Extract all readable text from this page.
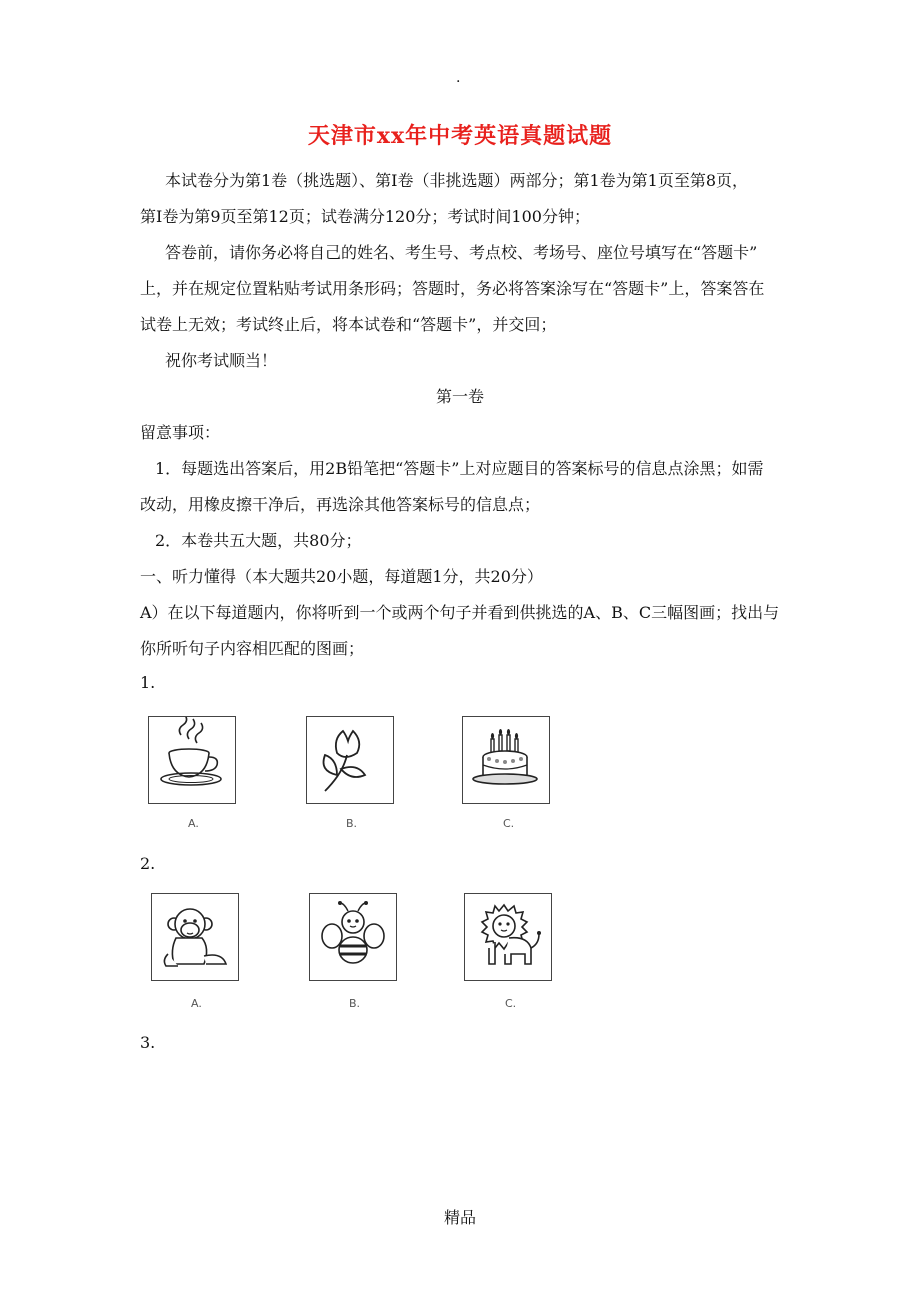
.
天津市xx年中考英语真题试题
本试卷分为第1卷（挑选题）、第Ⅰ卷（非挑选题）两部分；第1卷为第1页至第8页，
第Ⅰ卷为第9页至第12页；试卷满分120分；考试时间100分钟；
答卷前，请你务必将自己的姓名、考生号、考点校、考场号、座位号填写在“答题卡”
上，并在规定位置粘贴考试用条形码；答题时，务必将答案涂写在“答题卡”上，答案答在
试卷上无效；考试终止后，将本试卷和“答题卡”，并交回；
祝你考试顺当！
第一卷
留意事项：
1．每题选出答案后，用2B铅笔把“答题卡”上对应题目的答案标号的信息点涂黑；如需
改动，用橡皮擦干净后，再选涂其他答案标号的信息点；
2．本卷共五大题，共80分；
一、听力懂得（本大题共20小题，每道题1分，共20分）
A）在以下每道题内，你将听到一个或两个句子并看到供挑选的A、B、C三幅图画；找出与
你所听句子内容相匹配的图画；
1.
A.	B.	C.
2.
A.	B.	C.
3.
精品
